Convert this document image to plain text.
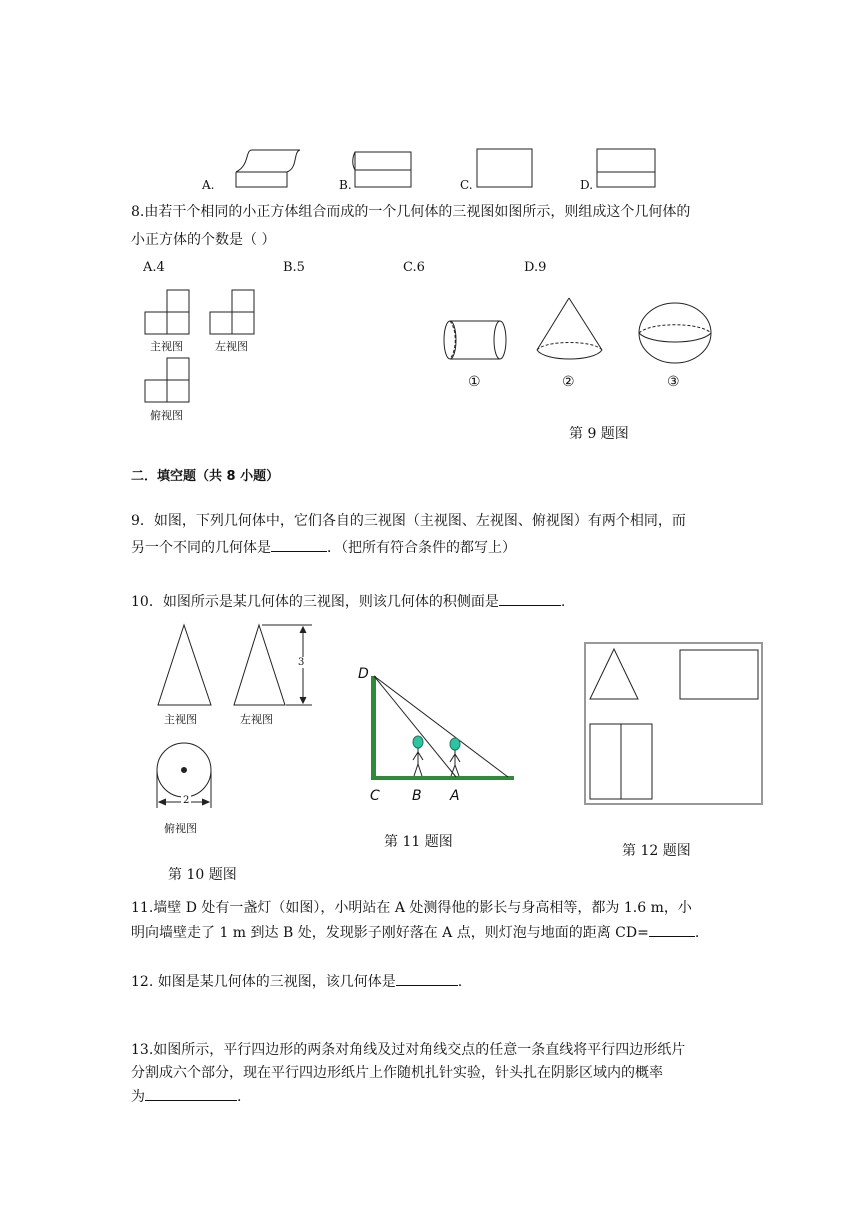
A.	B.	C.	D.
8.由若干个相同的小正方体组合而成的一个几何体的三视图如图所示，则组成这个几何体的
小正方体的个数是（ ）
A.4	B.5	C.6	D.9
主视图	左视图
俯视图
①	②	③
第 9 题图
二．填空题（共 8 小题）
9．如图，下列几何体中，它们各自的三视图（主视图、左视图、俯视图）有两个相同，而
另一个不同的几何体是	．（把所有符合条件的都写上）
10．如图所示是某几何体的三视图，则该几何体的积侧面是	.
3
2
主视图	左视图
俯视图
第 10 题图
D
C B A
第 11 题图
第 12 题图
11.墙壁 D 处有一盏灯（如图），小明站在 A 处测得他的影长与身高相等，都为 1.6 m，小
明向墙壁走了 1 m 到达 B 处，发现影子刚好落在 A 点，则灯泡与地面的距离 CD=	.
12. 如图是某几何体的三视图，该几何体是	.
13.如图所示，平行四边形的两条对角线及过对角线交点的任意一条直线将平行四边形纸片
分割成六个部分，现在平行四边形纸片上作随机扎针实验，针头扎在阴影区域内的概率
为	.
